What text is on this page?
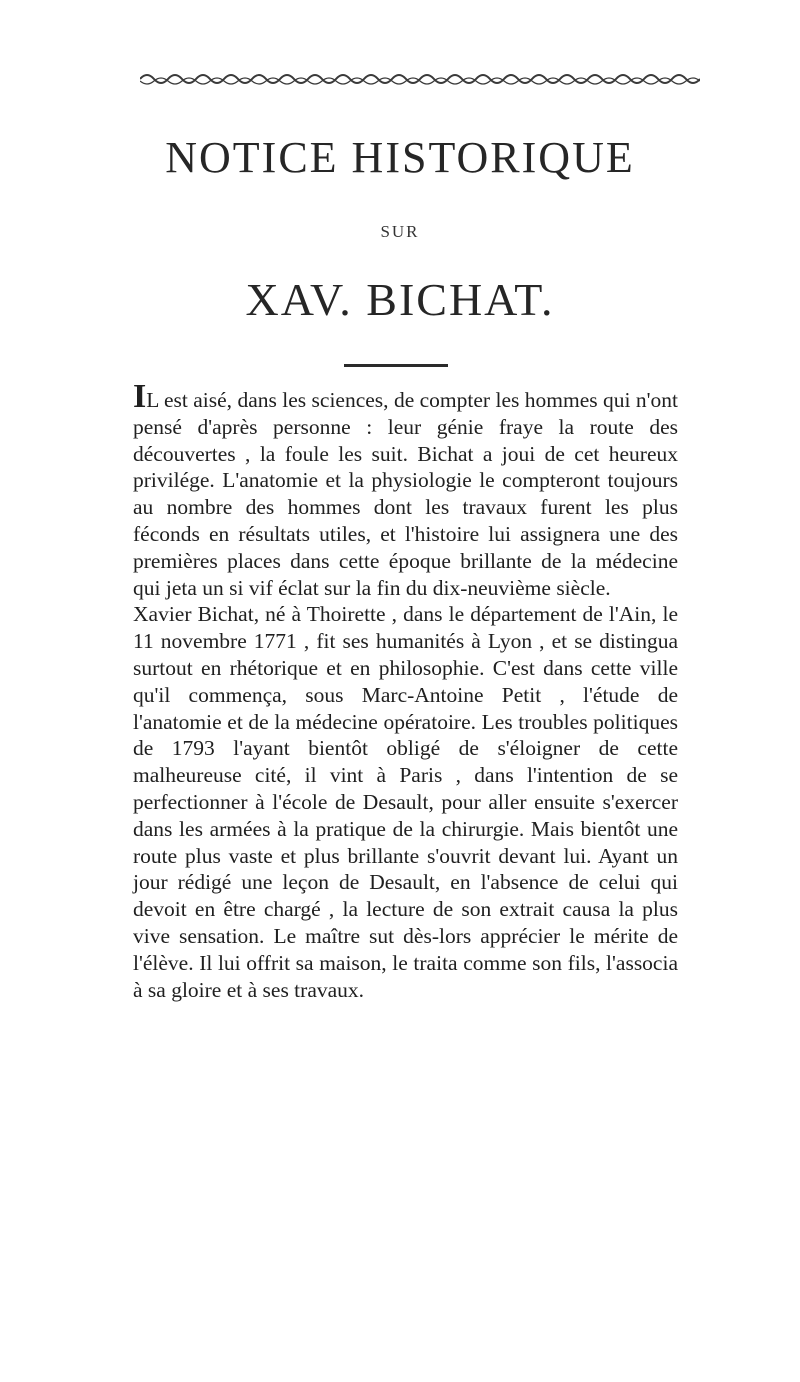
NOTICE HISTORIQUE
SUR
XAV. BICHAT.

IL est aisé, dans les sciences, de compter les hommes qui n'ont pensé d'après personne : leur génie fraye la route des découvertes , la foule les suit. Bichat a joui de cet heureux privilége. L'anatomie et la physiologie le compteront toujours au nombre des hommes dont les travaux furent les plus féconds en résultats utiles, et l'histoire lui assignera une des premières places dans cette époque brillante de la médecine qui jeta un si vif éclat sur la fin du dix-neuvième siècle.

Xavier Bichat, né à Thoirette , dans le département de l'Ain, le 11 novembre 1771 , fit ses humanités à Lyon , et se distingua surtout en rhétorique et en philosophie. C'est dans cette ville qu'il commença, sous Marc-Antoine Petit , l'étude de l'anatomie et de la médecine opératoire. Les troubles politiques de 1793 l'ayant bientôt obligé de s'éloigner de cette malheureuse cité, il vint à Paris , dans l'intention de se perfectionner à l'école de Desault, pour aller ensuite s'exercer dans les armées à la pratique de la chirurgie. Mais bientôt une route plus vaste et plus brillante s'ouvrit devant lui. Ayant un jour rédigé une leçon de Desault, en l'absence de celui qui devoit en être chargé , la lecture de son extrait causa la plus vive sensation. Le maître sut dès-lors apprécier le mérite de l'élève. Il lui offrit sa maison, le traita comme son fils, l'associa à sa gloire et à ses travaux.
